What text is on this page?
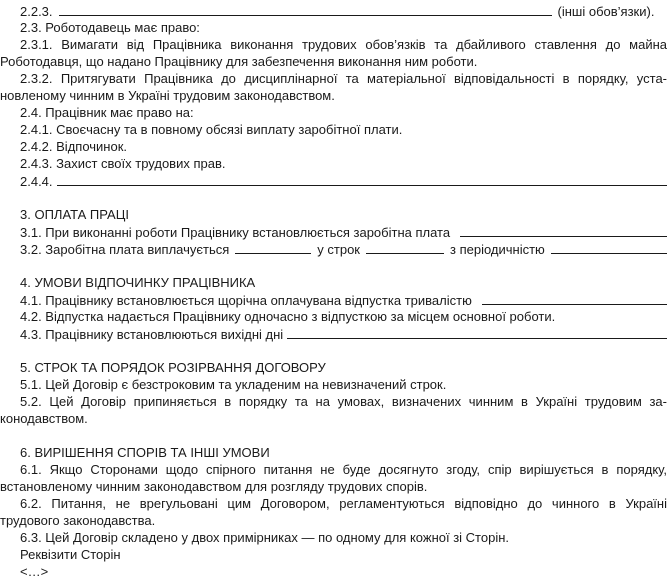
2.2.3.	(інші обов’язки).
2.3. Роботодавець має право:
2.3.1. Вимагати від Працівника виконання трудових обов’язків та дбайливого ставлення до майна
Роботодавця, що надано Працівнику для забезпечення виконання ним роботи.
2.3.2. Притягувати Працівника до дисциплінарної та матеріальної відповідальності в порядку, уста-
новленому чинним в Україні трудовим законодавством.
2.4. Працівник має право на:
2.4.1. Своєчасну та в повному обсязі виплату заробітної плати.
2.4.2. Відпочинок.
2.4.3. Захист своїх трудових прав.
2.4.4.
3. ОПЛАТА ПРАЦІ
3.1. При виконанні роботи Працівнику встановлюється заробітна плата
3.2. Заробітна плата виплачується	у строк	з періодичністю
4. УМОВИ ВІДПОЧИНКУ ПРАЦІВНИКА
4.1. Працівнику встановлюється щорічна оплачувана відпустка тривалістю
4.2. Відпустка надається Працівнику одночасно з відпусткою за місцем основної роботи.
4.3. Працівнику встановлюються вихідні дні
5. СТРОК ТА ПОРЯДОК РОЗІРВАННЯ ДОГОВОРУ
5.1. Цей Договір є безстроковим та укладеним на невизначений строк.
5.2. Цей Договір припиняється в порядку та на умовах, визначених чинним в Україні трудовим за-
конодавством.
6. ВИРІШЕННЯ СПОРІВ ТА ІНШІ УМОВИ
6.1. Якщо Сторонами щодо спірного питання не буде досягнуто згоду, спір вирішується в порядку,
встановленому чинним законодавством для розгляду трудових спорів.
6.2. Питання, не врегульовані цим Договором, регламентуються відповідно до чинного в Україні
трудового законодавства.
6.3. Цей Договір складено у двох примірниках — по одному для кожної зі Сторін.
Реквізити Сторін
<…>
